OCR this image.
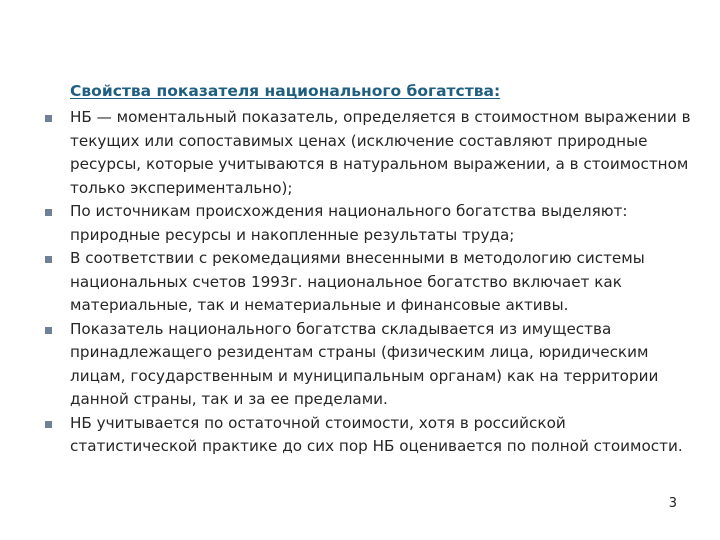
Свойства показателя национального богатства:
НБ — моментальный показатель, определяется в стоимостном выражении в текущих или сопоставимых ценах (исключение составляют природные ресурсы, которые учитываются в натуральном выражении, а в стоимостном только экспериментально);
По источникам происхождения национального богатства выделяют: природные ресурсы и накопленные результаты труда;
В соответствии с рекомедациями внесенными в методологию системы национальных счетов 1993г. национальное богатство включает как материальные, так и нематериальные и финансовые активы.
Показатель национального богатства складывается из имущества принадлежащего резидентам страны (физическим лица, юридическим лицам, государственным и муниципальным органам) как на территории данной страны, так и за ее пределами.
НБ учитывается по остаточной стоимости, хотя в российской статистической практике до сих пор НБ оценивается по полной стоимости.
3
